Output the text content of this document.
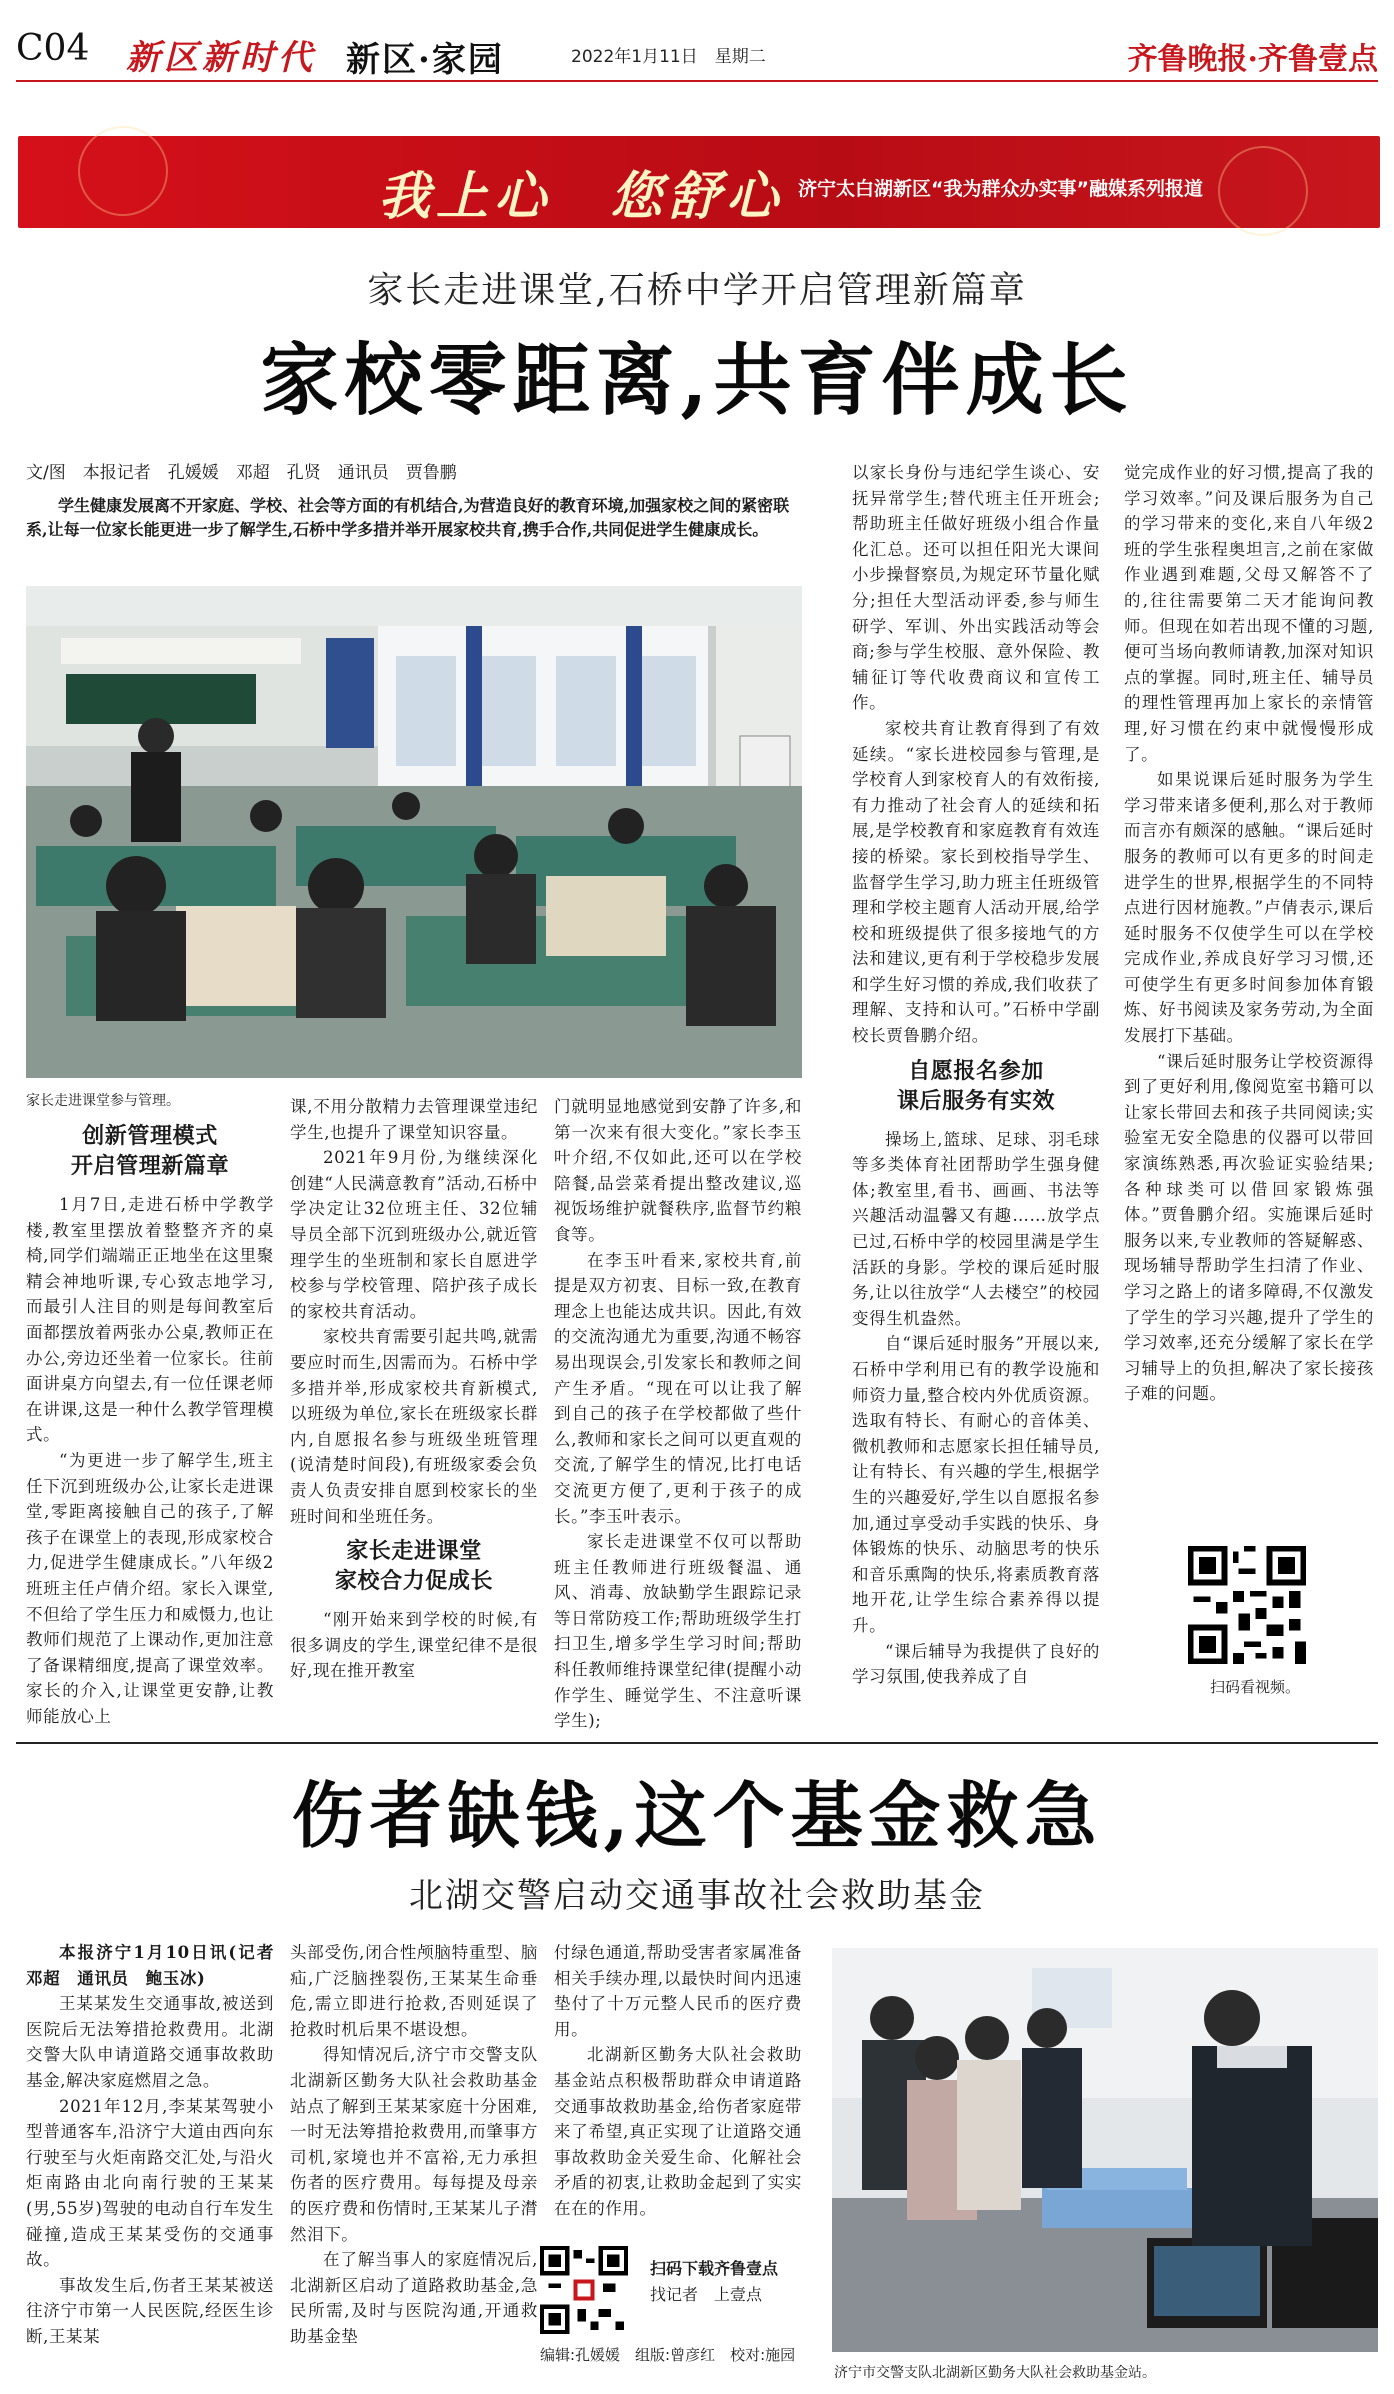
C04 新区新时代 新区·家园	2022年1月11日　星期二	齐鲁晚报·齐鲁壹点
我上心　您舒心 济宁太白湖新区“我为群众办实事”融媒系列报道
家长走进课堂,石桥中学开启管理新篇章
家校零距离,共育伴成长
文/图　本报记者　孔媛媛　邓超　孔贤　通讯员　贾鲁鹏
学生健康发展离不开家庭、学校、社会等方面的有机结合,为营造良好的教育环境,加强家校之间的紧密联系,让每一位家长能更进一步了解学生,石桥中学多措并举开展家校共育,携手合作,共同促进学生健康成长。
家长走进课堂参与管理。
创新管理模式
开启管理新篇章

1月7日,走进石桥中学教学楼,教室里摆放着整整齐齐的桌椅,同学们端端正正地坐在这里聚精会神地听课,专心致志地学习,而最引人注目的则是每间教室后面都摆放着两张办公桌,教师正在办公,旁边还坐着一位家长。往前面讲桌方向望去,有一位任课老师在讲课,这是一种什么教学管理模式。

“为更进一步了解学生,班主任下沉到班级办公,让家长走进课堂,零距离接触自己的孩子,了解孩子在课堂上的表现,形成家校合力,促进学生健康成长。”八年级2班班主任卢倩介绍。家长入课堂,不但给了学生压力和威慑力,也让教师们规范了上课动作,更加注意了备课精细度,提高了课堂效率。家长的介入,让课堂更安静,让教师能放心上

课,不用分散精力去管理课堂违纪学生,也提升了课堂知识容量。

2021年9月份,为继续深化创建“人民满意教育”活动,石桥中学决定让32位班主任、32位辅导员全部下沉到班级办公,就近管理学生的坐班制和家长自愿进学校参与学校管理、陪护孩子成长的家校共育活动。

家校共育需要引起共鸣,就需要应时而生,因需而为。石桥中学多措并举,形成家校共育新模式,以班级为单位,家长在班级家长群内,自愿报名参与班级坐班管理(说清楚时间段),有班级家委会负责人负责安排自愿到校家长的坐班时间和坐班任务。

家长走进课堂
家校合力促成长

“刚开始来到学校的时候,有很多调皮的学生,课堂纪律不是很好,现在推开教室

门就明显地感觉到安静了许多,和第一次来有很大变化。”家长李玉叶介绍,不仅如此,还可以在学校陪餐,品尝菜肴提出整改建议,巡视饭场维护就餐秩序,监督节约粮食等。

在李玉叶看来,家校共育,前提是双方初衷、目标一致,在教育理念上也能达成共识。因此,有效的交流沟通尤为重要,沟通不畅容易出现误会,引发家长和教师之间产生矛盾。“现在可以让我了解到自己的孩子在学校都做了些什么,教师和家长之间可以更直观的交流,了解学生的情况,比打电话交流更方便了,更利于孩子的成长。”李玉叶表示。

家长走进课堂不仅可以帮助班主任教师进行班级餐温、通风、消毒、放缺勤学生跟踪记录等日常防疫工作;帮助班级学生打扫卫生,增多学生学习时间;帮助科任教师维持课堂纪律(提醒小动作学生、睡觉学生、不注意听课学生);

以家长身份与违纪学生谈心、安抚异常学生;替代班主任开班会;帮助班主任做好班级小组合作量化汇总。还可以担任阳光大课间小步操督察员,为规定环节量化赋分;担任大型活动评委,参与师生研学、军训、外出实践活动等会商;参与学生校服、意外保险、教辅征订等代收费商议和宣传工作。

家校共育让教育得到了有效延续。“家长进校园参与管理,是学校育人到家校育人的有效衔接,有力推动了社会育人的延续和拓展,是学校教育和家庭教育有效连接的桥梁。家长到校指导学生、监督学生学习,助力班主任班级管理和学校主题育人活动开展,给学校和班级提供了很多接地气的方法和建议,更有利于学校稳步发展和学生好习惯的养成,我们收获了理解、支持和认可。”石桥中学副校长贾鲁鹏介绍。

自愿报名参加
课后服务有实效

操场上,篮球、足球、羽毛球等多类体育社团帮助学生强身健体;教室里,看书、画画、书法等兴趣活动温馨又有趣……放学点已过,石桥中学的校园里满是学生活跃的身影。学校的课后延时服务,让以往放学“人去楼空”的校园变得生机盎然。

自“课后延时服务”开展以来,石桥中学利用已有的教学设施和师资力量,整合校内外优质资源。选取有特长、有耐心的音体美、微机教师和志愿家长担任辅导员,让有特长、有兴趣的学生,根据学生的兴趣爱好,学生以自愿报名参加,通过享受动手实践的快乐、身体锻炼的快乐、动脑思考的快乐和音乐熏陶的快乐,将素质教育落地开花,让学生综合素养得以提升。

“课后辅导为我提供了良好的学习氛围,使我养成了自

觉完成作业的好习惯,提高了我的学习效率。”问及课后服务为自己的学习带来的变化,来自八年级2班的学生张程奥坦言,之前在家做作业遇到难题,父母又解答不了的,往往需要第二天才能询问教师。但现在如若出现不懂的习题,便可当场向教师请教,加深对知识点的掌握。同时,班主任、辅导员的理性管理再加上家长的亲情管理,好习惯在约束中就慢慢形成了。

如果说课后延时服务为学生学习带来诸多便利,那么对于教师而言亦有颇深的感触。“课后延时服务的教师可以有更多的时间走进学生的世界,根据学生的不同特点进行因材施教。”卢倩表示,课后延时服务不仅使学生可以在学校完成作业,养成良好学习习惯,还可使学生有更多时间参加体育锻炼、好书阅读及家务劳动,为全面发展打下基础。

“课后延时服务让学校资源得到了更好利用,像阅览室书籍可以让家长带回去和孩子共同阅读;实验室无安全隐患的仪器可以带回家演练熟悉,再次验证实验结果;各种球类可以借回家锻炼强体。”贾鲁鹏介绍。实施课后延时服务以来,专业教师的答疑解惑、现场辅导帮助学生扫清了作业、学习之路上的诸多障碍,不仅激发了学生的学习兴趣,提升了学生的学习效率,还充分缓解了家长在学习辅导上的负担,解决了家长接孩子难的问题。

扫码看视频。
伤者缺钱,这个基金救急
北湖交警启动交通事故社会救助基金

本报济宁1月10日讯(记者　邓超　通讯员　鲍玉冰)

王某某发生交通事故,被送到医院后无法筹措抢救费用。北湖交警大队申请道路交通事故救助基金,解决家庭燃眉之急。

2021年12月,李某某驾驶小型普通客车,沿济宁大道由西向东行驶至与火炬南路交汇处,与沿火炬南路由北向南行驶的王某某(男,55岁)驾驶的电动自行车发生碰撞,造成王某某受伤的交通事故。

事故发生后,伤者王某某被送往济宁市第一人民医院,经医生诊断,王某某

头部受伤,闭合性颅脑特重型、脑疝,广泛脑挫裂伤,王某某生命垂危,需立即进行抢救,否则延误了抢救时机后果不堪设想。

得知情况后,济宁市交警支队北湖新区勤务大队社会救助基金站点了解到王某某家庭十分困难,一时无法筹措抢救费用,而肇事方司机,家境也并不富裕,无力承担伤者的医疗费用。每每提及母亲的医疗费和伤情时,王某某儿子潸然泪下。

在了解当事人的家庭情况后,北湖新区启动了道路救助基金,急民所需,及时与医院沟通,开通救助基金垫

付绿色通道,帮助受害者家属准备相关手续办理,以最快时间内迅速垫付了十万元整人民币的医疗费用。

北湖新区勤务大队社会救助基金站点积极帮助群众申请道路交通事故救助基金,给伤者家庭带来了希望,真正实现了让道路交通事故救助金关爱生命、化解社会矛盾的初衷,让救助金起到了实实在在的作用。

扫码下载齐鲁壹点
找记者　上壹点
编辑:孔媛媛　组版:曾彦红　校对:施园
济宁市交警支队北湖新区勤务大队社会救助基金站。
